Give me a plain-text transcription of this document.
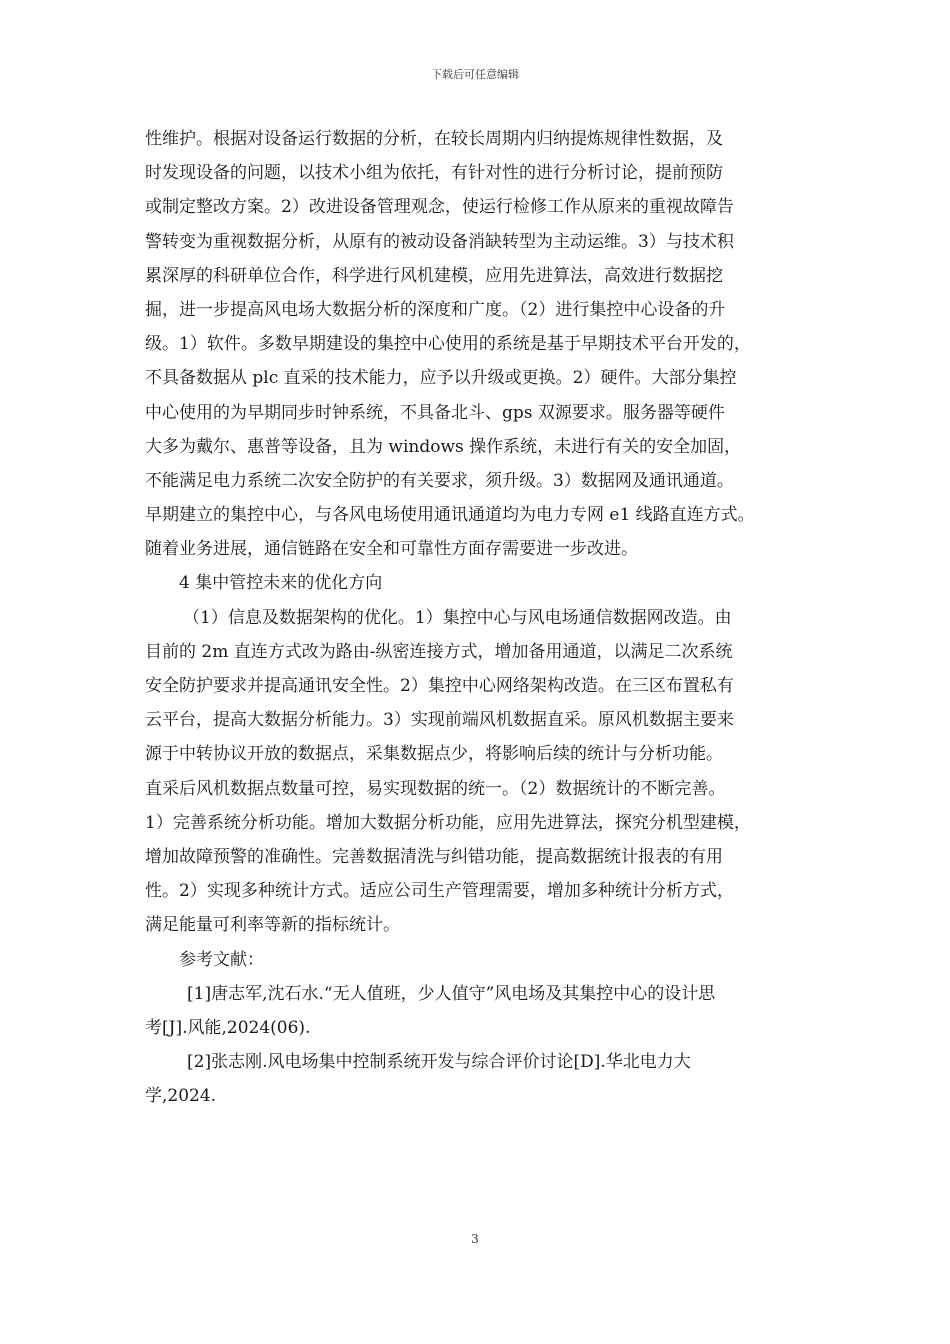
下载后可任意编辑
性维护。根据对设备运行数据的分析，在较长周期内归纳提炼规律性数据，及
时发现设备的问题，以技术小组为依托，有针对性的进行分析讨论，提前预防
或制定整改方案。2）改进设备管理观念，使运行检修工作从原来的重视故障告
警转变为重视数据分析，从原有的被动设备消缺转型为主动运维。3）与技术积
累深厚的科研单位合作，科学进行风机建模，应用先进算法，高效进行数据挖
掘，进一步提高风电场大数据分析的深度和广度。（2）进行集控中心设备的升
级。1）软件。多数早期建设的集控中心使用的系统是基于早期技术平台开发的，
不具备数据从 plc 直采的技术能力，应予以升级或更换。2）硬件。大部分集控
中心使用的为早期同步时钟系统，不具备北斗、gps 双源要求。服务器等硬件
大多为戴尔、惠普等设备，且为 windows 操作系统，未进行有关的安全加固，
不能满足电力系统二次安全防护的有关要求，须升级。3）数据网及通讯通道。
早期建立的集控中心，与各风电场使用通讯通道均为电力专网 e1 线路直连方式。
随着业务进展，通信链路在安全和可靠性方面存需要进一步改进。
4 集中管控未来的优化方向
（1）信息及数据架构的优化。1）集控中心与风电场通信数据网改造。由
目前的 2m 直连方式改为路由-纵密连接方式，增加备用通道，以满足二次系统
安全防护要求并提高通讯安全性。2）集控中心网络架构改造。在三区布置私有
云平台，提高大数据分析能力。3）实现前端风机数据直采。原风机数据主要来
源于中转协议开放的数据点，采集数据点少，将影响后续的统计与分析功能。
直采后风机数据点数量可控，易实现数据的统一。（2）数据统计的不断完善。
1）完善系统分析功能。增加大数据分析功能，应用先进算法，探究分机型建模，
增加故障预警的准确性。完善数据清洗与纠错功能，提高数据统计报表的有用
性。2）实现多种统计方式。适应公司生产管理需要，增加多种统计分析方式，
满足能量可利率等新的指标统计。
参考文献：
[1]唐志军,沈石水.“无人值班，少人值守”风电场及其集控中心的设计思
考[J].风能,2024(06).
[2]张志刚.风电场集中控制系统开发与综合评价讨论[D].华北电力大
学,2024.
3
